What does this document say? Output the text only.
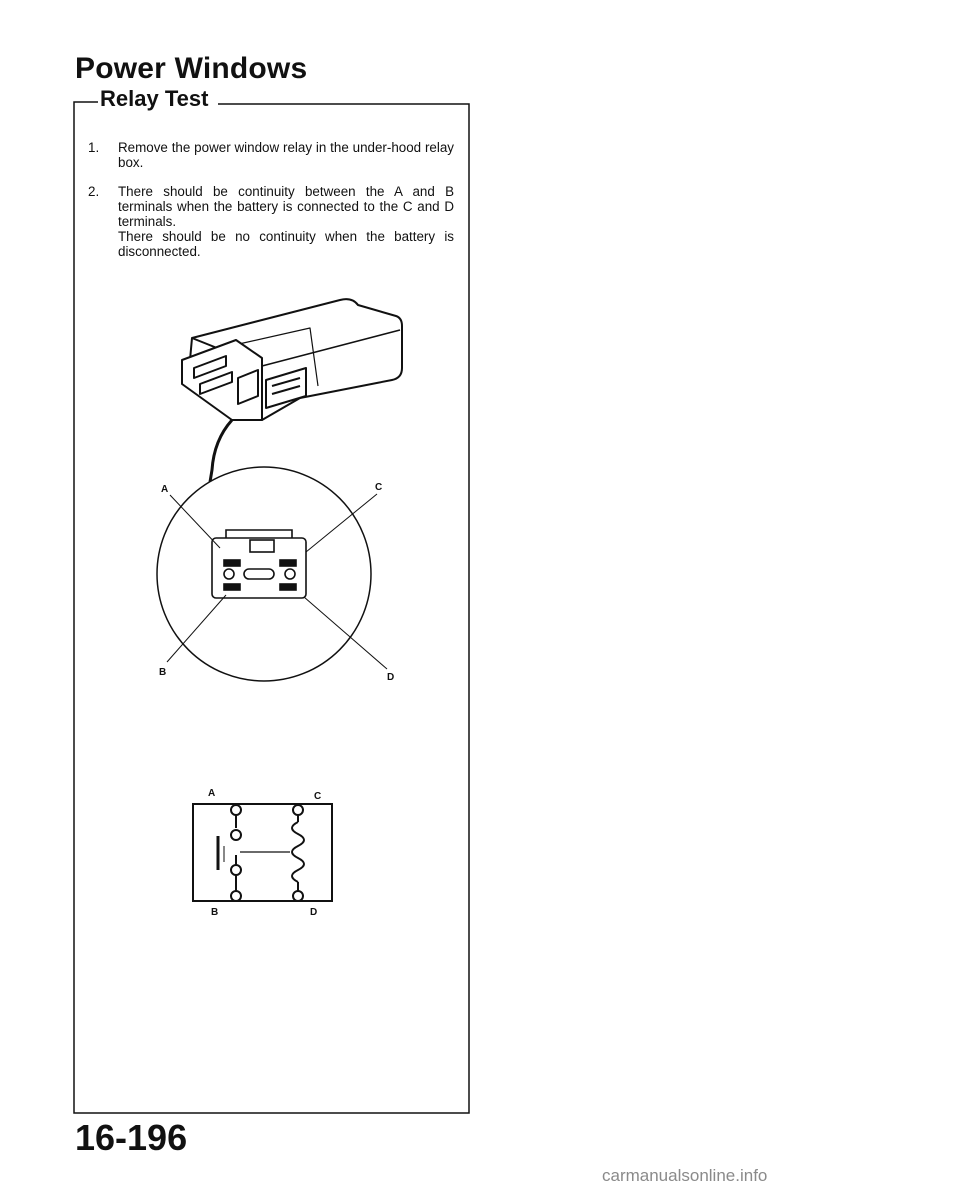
Power Windows
Relay Test
1. Remove the power window relay in the under-hood relay box.

2. There should be continuity between the A and B terminals when the battery is connected to the C and D terminals.

There should be no continuity when the battery is disconnected.

A	C
B	D
A	C
B	D
16-196
carmanualsonline.info
